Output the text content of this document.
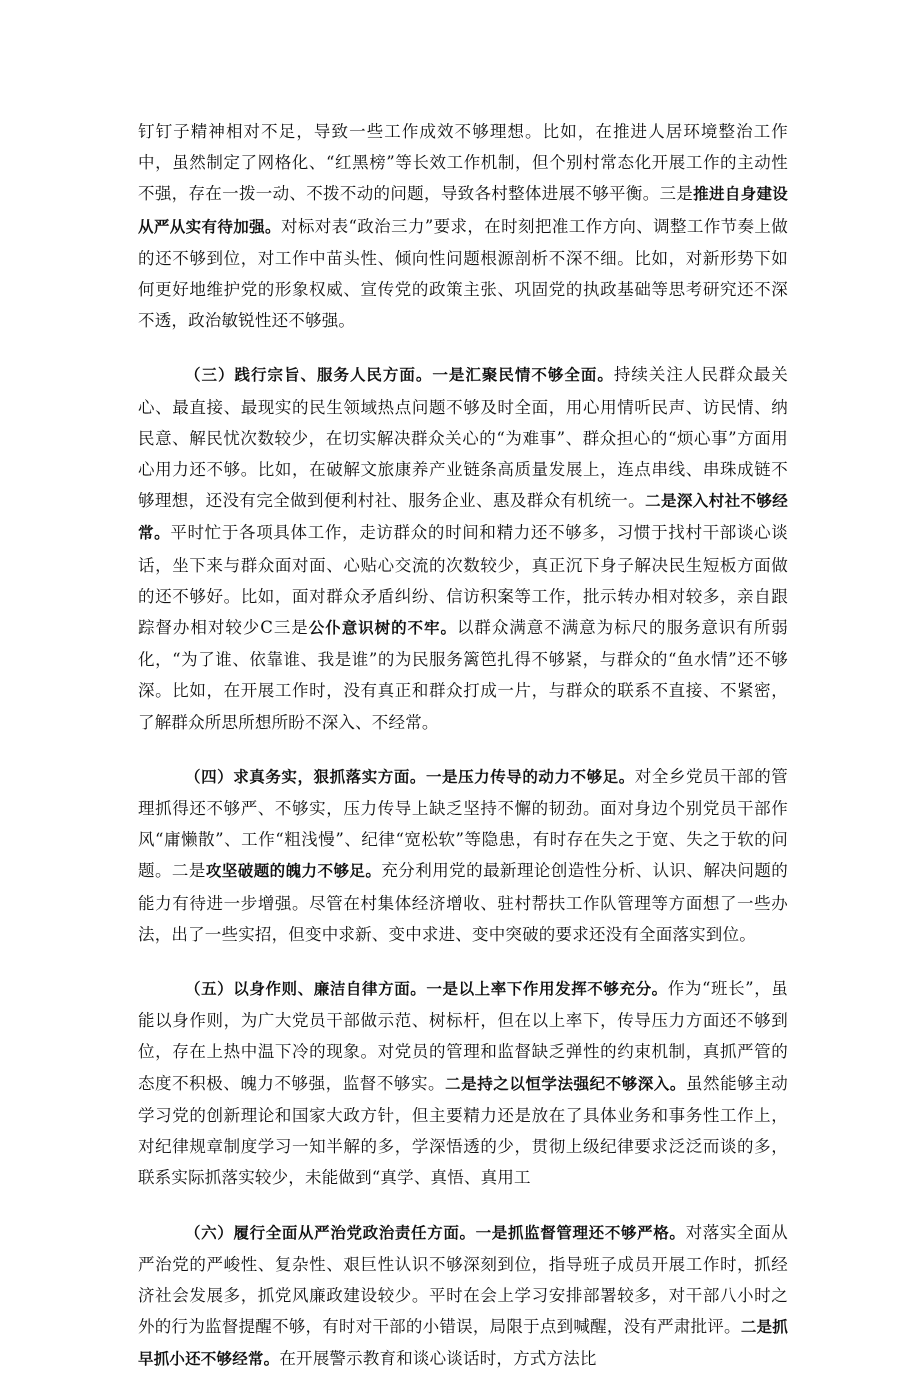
钉钉子精神相对不足，导致一些工作成效不够理想。比如，在推进人居环境整治工作中，虽然制定了网格化、“红黑榜”等长效工作机制，但个别村常态化开展工作的主动性不强，存在一拨一动、不拨不动的问题，导致各村整体进展不够平衡。三是推进自身建设从严从实有待加强。对标对表“政治三力”要求，在时刻把准工作方向、调整工作节奏上做的还不够到位，对工作中苗头性、倾向性问题根源剖析不深不细。比如，对新形势下如何更好地维护党的形象权威、宣传党的政策主张、巩固党的执政基础等思考研究还不深不透，政治敏锐性还不够强。

（三）践行宗旨、服务人民方面。一是汇聚民情不够全面。持续关注人民群众最关心、最直接、最现实的民生领域热点问题不够及时全面，用心用情听民声、访民情、纳民意、解民忧次数较少，在切实解决群众关心的“为难事”、群众担心的“烦心事”方面用心用力还不够。比如，在破解文旅康养产业链条高质量发展上，连点串线、串珠成链不够理想，还没有完全做到便利村社、服务企业、惠及群众有机统一。二是深入村社不够经常。平时忙于各项具体工作，走访群众的时间和精力还不够多，习惯于找村干部谈心谈话，坐下来与群众面对面、心贴心交流的次数较少，真正沉下身子解决民生短板方面做的还不够好。比如，面对群众矛盾纠纷、信访积案等工作，批示转办相对较多，亲自跟踪督办相对较少C三是公仆意识树的不牢。以群众满意不满意为标尺的服务意识有所弱化，“为了谁、依靠谁、我是谁”的为民服务篱笆扎得不够紧，与群众的“鱼水情”还不够深。比如，在开展工作时，没有真正和群众打成一片，与群众的联系不直接、不紧密，了解群众所思所想所盼不深入、不经常。

（四）求真务实，狠抓落实方面。一是压力传导的动力不够足。对全乡党员干部的管理抓得还不够严、不够实，压力传导上缺乏坚持不懈的韧劲。面对身边个别党员干部作风“庸懒散”、工作“粗浅慢”、纪律“宽松软”等隐患，有时存在失之于宽、失之于软的问题。二是攻坚破题的魄力不够足。充分利用党的最新理论创造性分析、认识、解决问题的能力有待进一步增强。尽管在村集体经济增收、驻村帮扶工作队管理等方面想了一些办法，出了一些实招，但变中求新、变中求进、变中突破的要求还没有全面落实到位。

（五）以身作则、廉洁自律方面。一是以上率下作用发挥不够充分。作为“班长”，虽能以身作则，为广大党员干部做示范、树标杆，但在以上率下，传导压力方面还不够到位，存在上热中温下冷的现象。对党员的管理和监督缺乏弹性的约束机制，真抓严管的态度不积极、魄力不够强，监督不够实。二是持之以恒学法强纪不够深入。虽然能够主动学习党的创新理论和国家大政方针，但主要精力还是放在了具体业务和事务性工作上，对纪律规章制度学习一知半解的多，学深悟透的少，贯彻上级纪律要求泛泛而谈的多，联系实际抓落实较少，未能做到“真学、真悟、真用工

（六）履行全面从严治党政治责任方面。一是抓监督管理还不够严格。对落实全面从严治党的严峻性、复杂性、艰巨性认识不够深刻到位，指导班子成员开展工作时，抓经济社会发展多，抓党风廉政建设较少。平时在会上学习安排部署较多，对干部八小时之外的行为监督提醒不够，有时对干部的小错误，局限于点到喊醒，没有严肃批评。二是抓早抓小还不够经常。在开展警示教育和谈心谈话时，方式方法比
